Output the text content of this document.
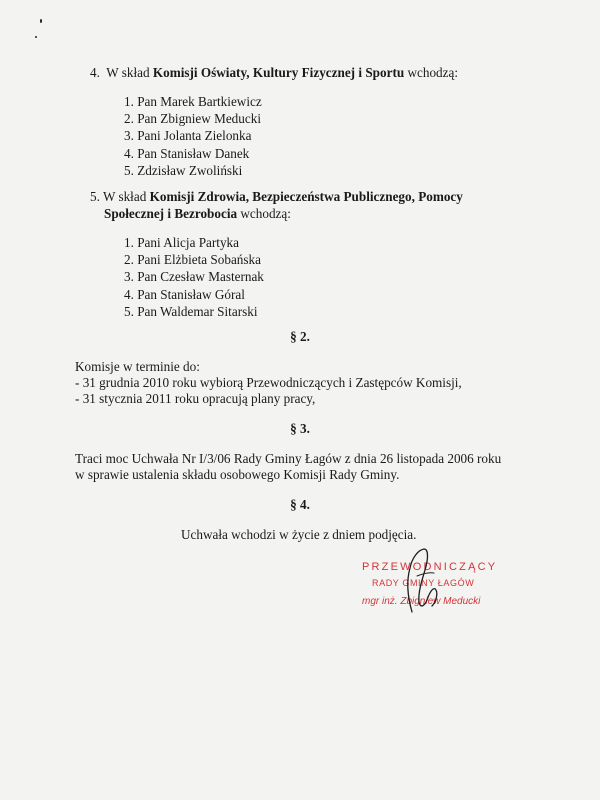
4. W skład Komisji Oświaty, Kultury Fizycznej i Sportu wchodzą:
1. Pan Marek Bartkiewicz
2. Pan Zbigniew Meducki
3. Pani Jolanta Zielonka
4. Pan Stanisław Danek
5. Zdzisław Zwoliński
5. W skład Komisji Zdrowia, Bezpieczeństwa Publicznego, Pomocy
Społecznej i Bezrobocia wchodzą:
1. Pani Alicja Partyka
2. Pani Elżbieta Sobańska
3. Pan Czesław Masternak
4. Pan Stanisław Góral
5. Pan Waldemar Sitarski
§ 2.
Komisje w terminie do:
- 31 grudnia 2010 roku wybiorą Przewodniczących i Zastępców Komisji,
- 31 stycznia 2011 roku opracują plany pracy,
§ 3.
Traci moc Uchwała Nr I/3/06 Rady Gminy Łagów z dnia 26 listopada 2006 roku
w sprawie ustalenia składu osobowego Komisji Rady Gminy.
§ 4.
Uchwała wchodzi w życie z dniem podjęcia.
PRZEWODNICZĄCY
RADY GMINY ŁAGÓW
mgr inż. Zbigniew Meducki
